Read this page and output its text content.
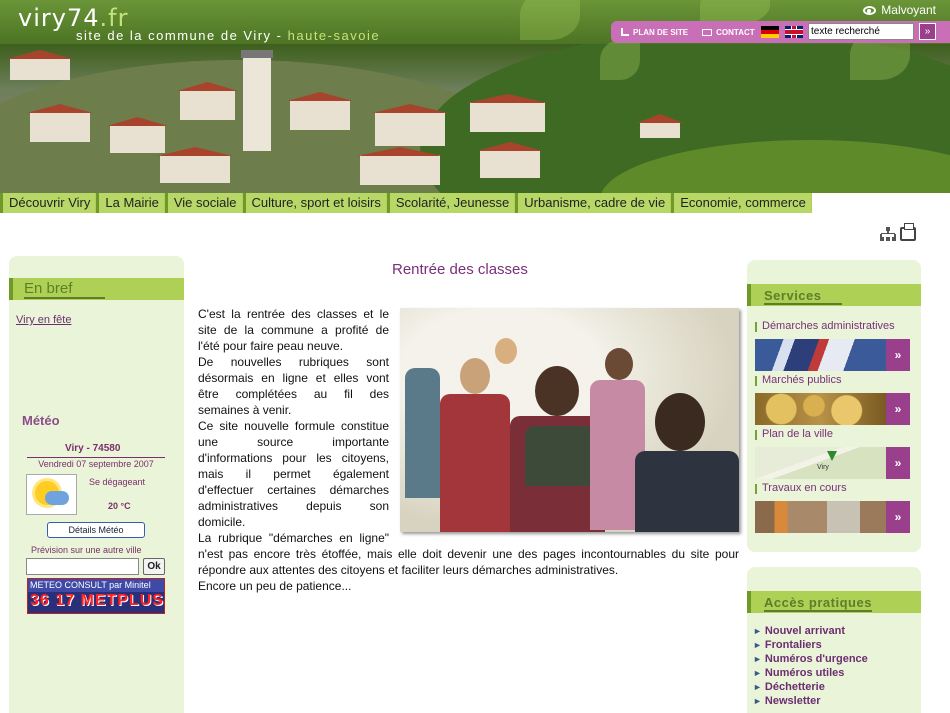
viry74.fr
site de la commune de Viry - haute-savoie
Malvoyant
PLAN DE SITE	CONTACT
texte recherché	»
Découvrir Viry	La Mairie	Vie sociale	Culture, sport et loisirs	Scolarité, Jeunesse	Urbanisme, cadre de vie	Economie, commerce
En bref
Viry en fête
Météo
Viry - 74580
Vendredi 07 septembre 2007
Se dégageant
20 °C
Détails Météo
Prévision sur une autre ville
Ok
METEO CONSULT par Minitel
36 17 METPLUS
Rentrée des classes

C'est la rentrée des classes et le site de la commune a profité de l'été pour faire peau neuve.

De nouvelles rubriques sont désormais en ligne et elles vont être complétées au fil des semaines à venir.

Ce site nouvelle formule constitue une source importante d'informations pour les citoyens, mais il permet également d'effectuer certaines démarches administratives depuis son domicile.

La rubrique "démarches en ligne" n'est pas encore très étoffée, mais elle doit devenir une des pages incontournables du site pour répondre aux attentes des citoyens et faciliter leurs démarches administratives.

Encore un peu de patience...

Services
Démarches administratives
»
Marchés publics
»
Plan de la ville
Viry	»
Travaux en cours
»
Accès pratiques
► Nouvel arrivant
► Frontaliers
► Numéros d'urgence
► Numéros utiles
► Déchetterie
► Newsletter
